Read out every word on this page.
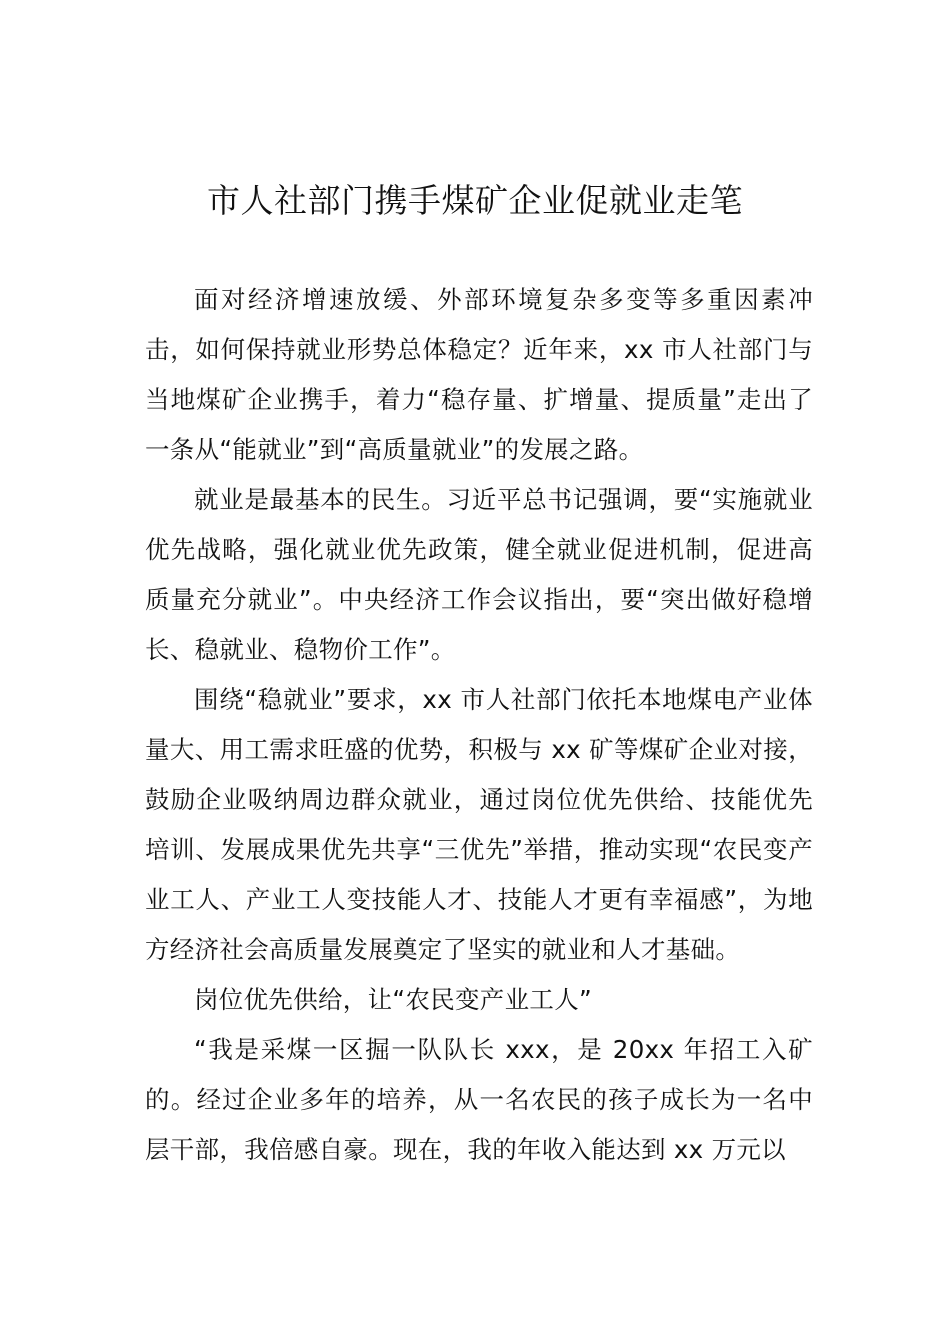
市人社部门携手煤矿企业促就业走笔

面对经济增速放缓、外部环境复杂多变等多重因素冲击，如何保持就业形势总体稳定？近年来，xx 市人社部门与当地煤矿企业携手，着力“稳存量、扩增量、提质量”走出了一条从“能就业”到“高质量就业”的发展之路。

就业是最基本的民生。习近平总书记强调，要“实施就业优先战略，强化就业优先政策，健全就业促进机制，促进高质量充分就业”。中央经济工作会议指出，要“突出做好稳增长、稳就业、稳物价工作”。

围绕“稳就业”要求，xx 市人社部门依托本地煤电产业体量大、用工需求旺盛的优势，积极与 xx 矿等煤矿企业对接，鼓励企业吸纳周边群众就业，通过岗位优先供给、技能优先培训、发展成果优先共享“三优先”举措，推动实现“农民变产业工人、产业工人变技能人才、技能人才更有幸福感”，为地方经济社会高质量发展奠定了坚实的就业和人才基础。

岗位优先供给，让“农民变产业工人”

“我是采煤一区掘一队队长 xxx，是 20xx 年招工入矿的。经过企业多年的培养，从一名农民的孩子成长为一名中层干部，我倍感自豪。现在，我的年收入能达到 xx 万元以
